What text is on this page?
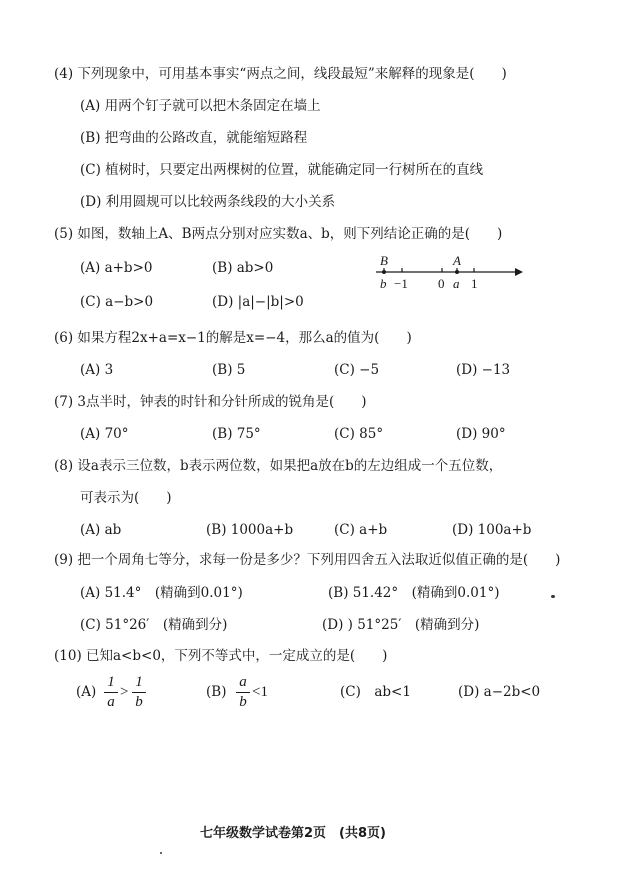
(4) 下列现象中，可用基本事实“两点之间，线段最短”来解释的现象是(　　)
(A) 用两个钉子就可以把木条固定在墙上
(B) 把弯曲的公路改直，就能缩短路程
(C) 植树时，只要定出两棵树的位置，就能确定同一行树所在的直线
(D) 利用圆规可以比较两条线段的大小关系
(5) 如图，数轴上A、B两点分别对应实数a、b，则下列结论正确的是(　　)
(A) a+b>0	(B) ab>0
(C) a−b>0	(D) |a|−|b|>0
B	A
b −1 0 a 1
(6) 如果方程2x+a=x−1的解是x=−4，那么a的值为(　　)
(A) 3	(B) 5	(C) −5	(D) −13
(7) 3点半时，钟表的时针和分针所成的锐角是(　　)
(A) 70°	(B) 75°	(C) 85°	(D) 90°
(8) 设a表示三位数，b表示两位数，如果把a放在b的左边组成一个五位数，
可表示为(　　)
(A) ab	(B) 1000a+b	(C) a+b	(D) 100a+b
(9) 把一个周角七等分，求每一份是多少？下列用四舍五入法取近似值正确的是(　　)
(A) 51.4°　(精确到0.01°)	(B) 51.42°　(精确到0.01°)
(C) 51°26′　(精确到分)	(D) ) 51°25′　(精确到分)
(10) 已知a<b<0，下列不等式中，一定成立的是(　　)
(A)
1
a
>
1
b
(B)
a
b
<1	(C)　ab<1	(D) a−2b<0
七年级数学试卷第2页　(共8页)
